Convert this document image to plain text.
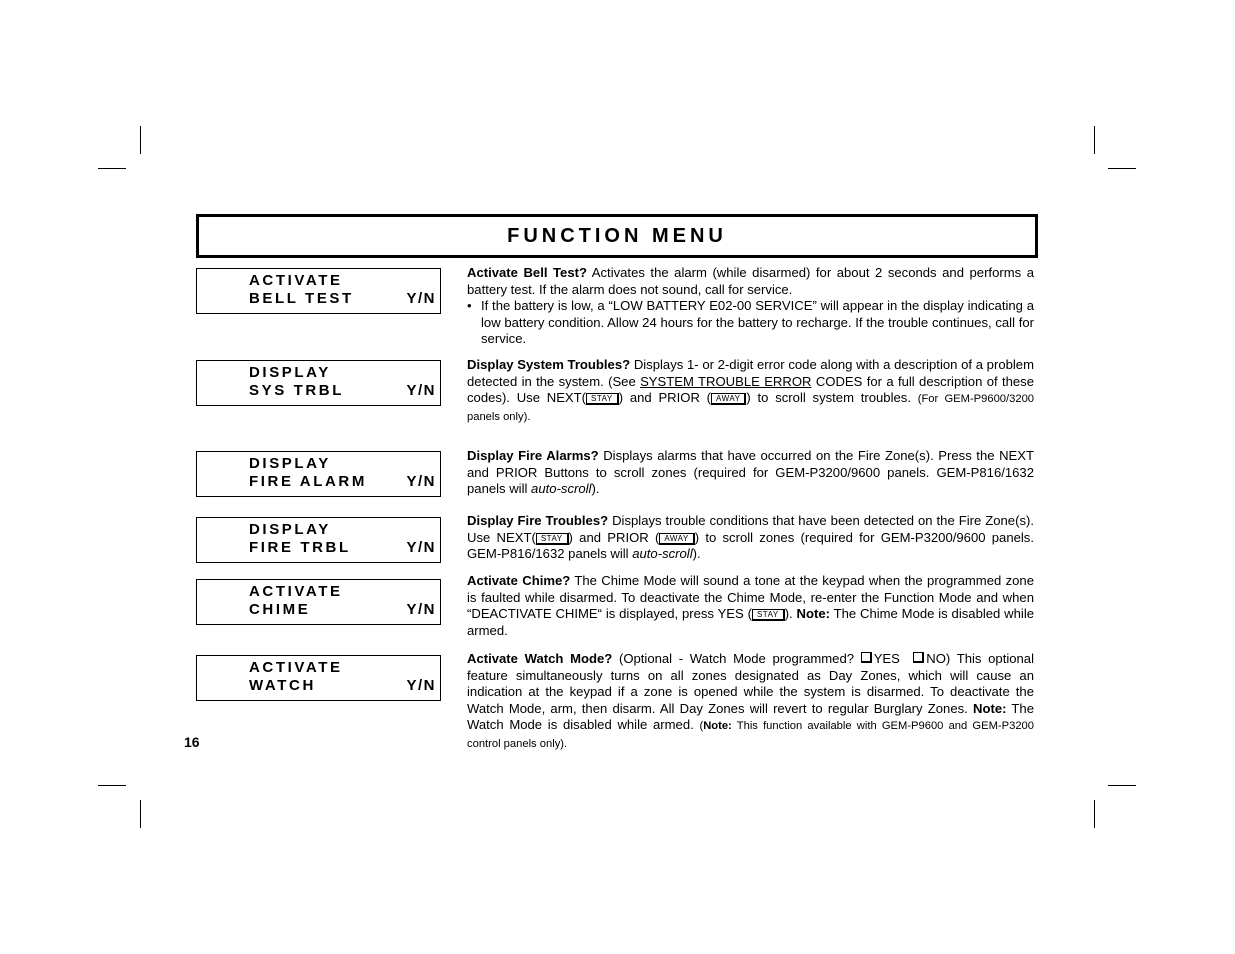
FUNCTION MENU
ACTIVATE
BELL TEST	Y/N
DISPLAY
SYS TRBL	Y/N
DISPLAY
FIRE ALARM	Y/N
DISPLAY
FIRE TRBL	Y/N
ACTIVATE
CHIME	Y/N
ACTIVATE
WATCH	Y/N
Activate Bell Test? Activates the alarm (while disarmed) for about 2 seconds and performs a battery test. If the alarm does not sound, call for service.
• If the battery is low, a “LOW BATTERY E02-00 SERVICE” will appear in the display indicating a low battery condition. Allow 24 hours for the battery to recharge. If the trouble continues, call for service.
Display System Troubles? Displays 1- or 2-digit error code along with a description of a problem detected in the system. (See SYSTEM TROUBLE ERROR CODES for a full description of these codes). Use NEXT( STAY ) and PRIOR ( AWAY ) to scroll system troubles. (For GEM-P9600/3200 panels only).
Display Fire Alarms? Displays alarms that have occurred on the Fire Zone(s). Press the NEXT and PRIOR Buttons to scroll zones (required for GEM-P3200/9600 panels. GEM-P816/1632 panels will auto-scroll).
Display Fire Troubles? Displays trouble conditions that have been detected on the Fire Zone(s). Use NEXT( STAY ) and PRIOR ( AWAY ) to scroll zones (required for GEM-P3200/9600 panels. GEM-P816/1632 panels will auto-scroll).
Activate Chime? The Chime Mode will sound a tone at the keypad when the programmed zone is faulted while disarmed. To deactivate the Chime Mode, re-enter the Function Mode and when “DEACTIVATE CHIME“ is displayed, press YES ( STAY ). Note: The Chime Mode is disabled while armed.
Activate Watch Mode? (Optional - Watch Mode programmed? YES NO) This optional feature simultaneously turns on all zones designated as Day Zones, which will cause an indication at the keypad if a zone is opened while the system is disarmed. To deactivate the Watch Mode, arm, then disarm. All Day Zones will revert to regular Burglary Zones. Note: The Watch Mode is disabled while armed. (Note: This function available with GEM-P9600 and GEM-P3200 control panels only).
16
